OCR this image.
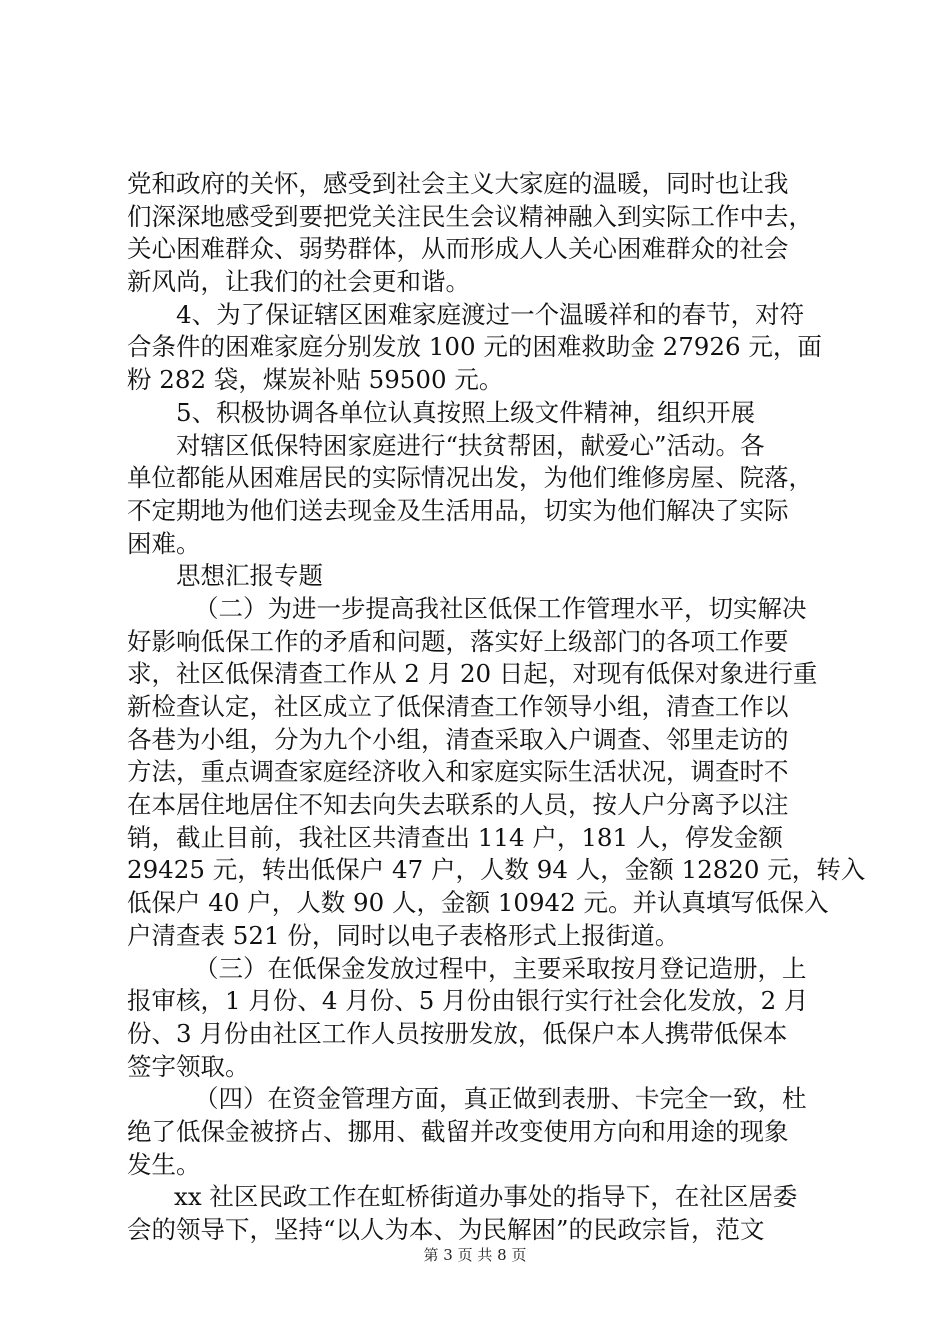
党和政府的关怀，感受到社会主义大家庭的温暖，同时也让我
们深深地感受到要把党关注民生会议精神融入到实际工作中去，
关心困难群众、弱势群体，从而形成人人关心困难群众的社会
新风尚，让我们的社会更和谐。
4、为了保证辖区困难家庭渡过一个温暖祥和的春节，对符
合条件的困难家庭分别发放 100 元的困难救助金 27926 元，面
粉 282 袋，煤炭补贴 59500 元。
5、积极协调各单位认真按照上级文件精神，组织开展
对辖区低保特困家庭进行“扶贫帮困，献爱心”活动。各
单位都能从困难居民的实际情况出发，为他们维修房屋、院落，
不定期地为他们送去现金及生活用品，切实为他们解决了实际
困难。
思想汇报专题
（二）为进一步提高我社区低保工作管理水平，切实解决
好影响低保工作的矛盾和问题，落实好上级部门的各项工作要
求，社区低保清查工作从 2 月 20 日起，对现有低保对象进行重
新检查认定，社区成立了低保清查工作领导小组，清查工作以
各巷为小组，分为九个小组，清查采取入户调查、邻里走访的
方法，重点调查家庭经济收入和家庭实际生活状况，调查时不
在本居住地居住不知去向失去联系的人员，按人户分离予以注
销，截止目前，我社区共清查出 114 户，181 人，停发金额
29425 元，转出低保户 47 户，人数 94 人，金额 12820 元，转入
低保户 40 户，人数 90 人，金额 10942 元。并认真填写低保入
户清查表 521 份，同时以电子表格形式上报街道。
（三）在低保金发放过程中，主要采取按月登记造册，上
报审核，1 月份、4 月份、5 月份由银行实行社会化发放，2 月
份、3 月份由社区工作人员按册发放，低保户本人携带低保本
签字领取。
（四）在资金管理方面，真正做到表册、卡完全一致，杜
绝了低保金被挤占、挪用、截留并改变使用方向和用途的现象
发生。
xx 社区民政工作在虹桥街道办事处的指导下，在社区居委
会的领导下，坚持“以人为本、为民解困”的民政宗旨，范文
第 3 页 共 8 页
